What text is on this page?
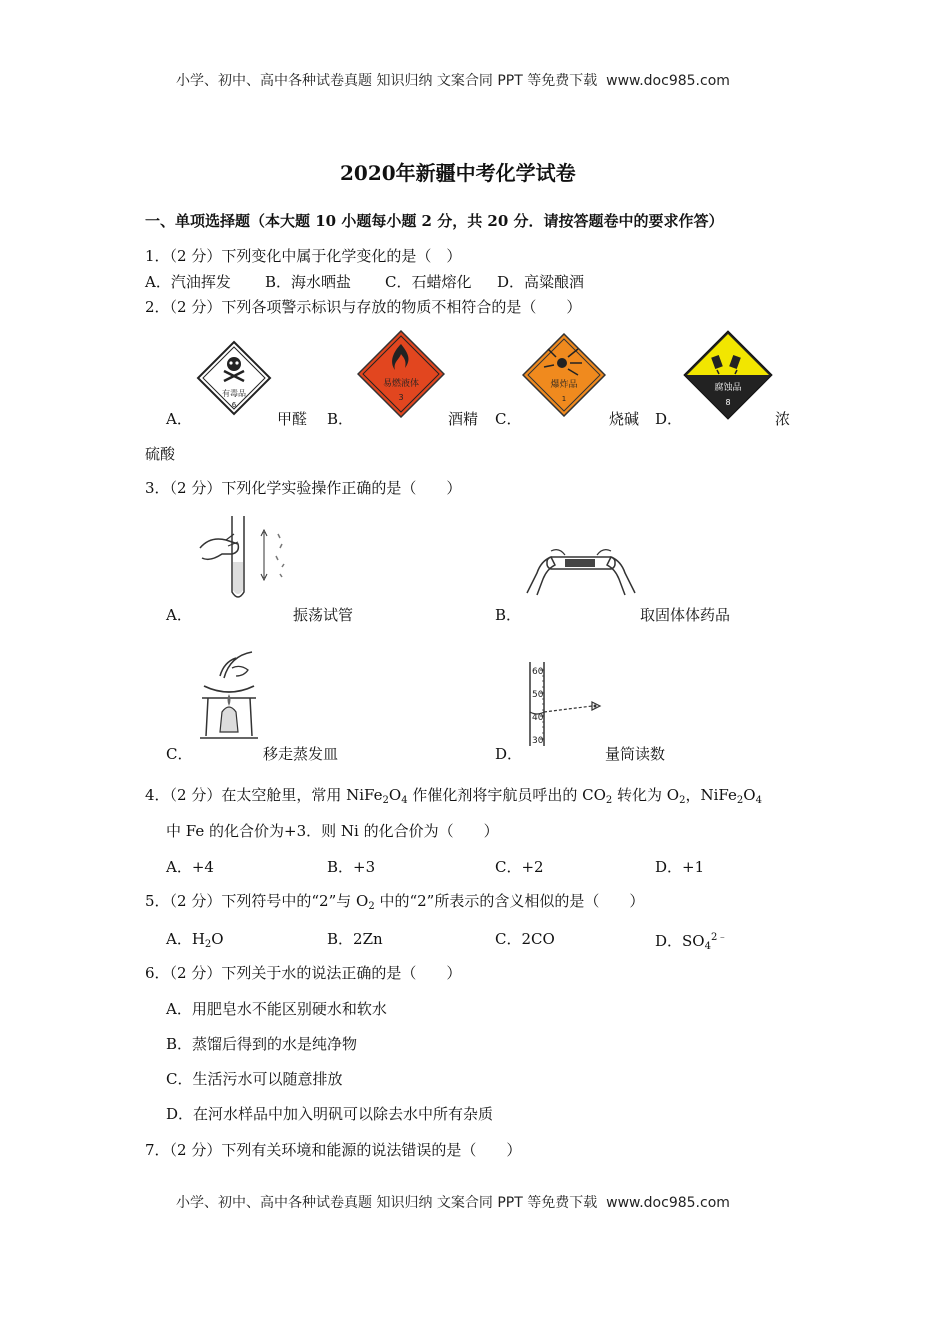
小学、初中、高中各种试卷真题 知识归纳 文案合同 PPT 等免费下载 www.doc985.com
2020年新疆中考化学试卷
一、单项选择题（本大题 10 小题每小题 2 分，共 20 分．请按答题卷中的要求作答）
1．（2 分）下列变化中属于化学变化的是（　）
A．汽油挥发 B．海水晒盐 C．石蜡熔化 D．高粱酿酒
2．（2 分）下列各项警示标识与存放的物质不相符合的是（　　）
有毒品
6
易燃液体
3
爆炸品
1
腐蚀品
8
A．	甲醛 B．	酒精 C．	烧碱 D．	浓
硫酸
3．（2 分）下列化学实验操作正确的是（　　）
A．	振荡试管	B．	取固体体药品
60
50
40
30
C．	移走蒸发皿	D．	量筒读数
4．（2 分）在太空舱里，常用 $NiFe_2O_4$ 作催化剂将宇航员呼出的 $CO_2$ 转化为 $O_2$，$NiFe_2O_4$
中 Fe 的化合价为+3．则 Ni 的化合价为（　　）
A．+4	B．+3	C．+2	D．+1
5．（2 分）下列符号中的“2”与 $O_2$ 中的“2”所表示的含义相似的是（　　）
A．$H_2O$	B．2Zn	C．2CO	D．$SO_4^{2﹣}$
6．（2 分）下列关于水的说法正确的是（　　）
A．用肥皂水不能区别硬水和软水
B．蒸馏后得到的水是纯净物
C．生活污水可以随意排放
D．在河水样品中加入明矾可以除去水中所有杂质
7．（2 分）下列有关环境和能源的说法错误的是（　　）
小学、初中、高中各种试卷真题 知识归纳 文案合同 PPT 等免费下载 www.doc985.com
